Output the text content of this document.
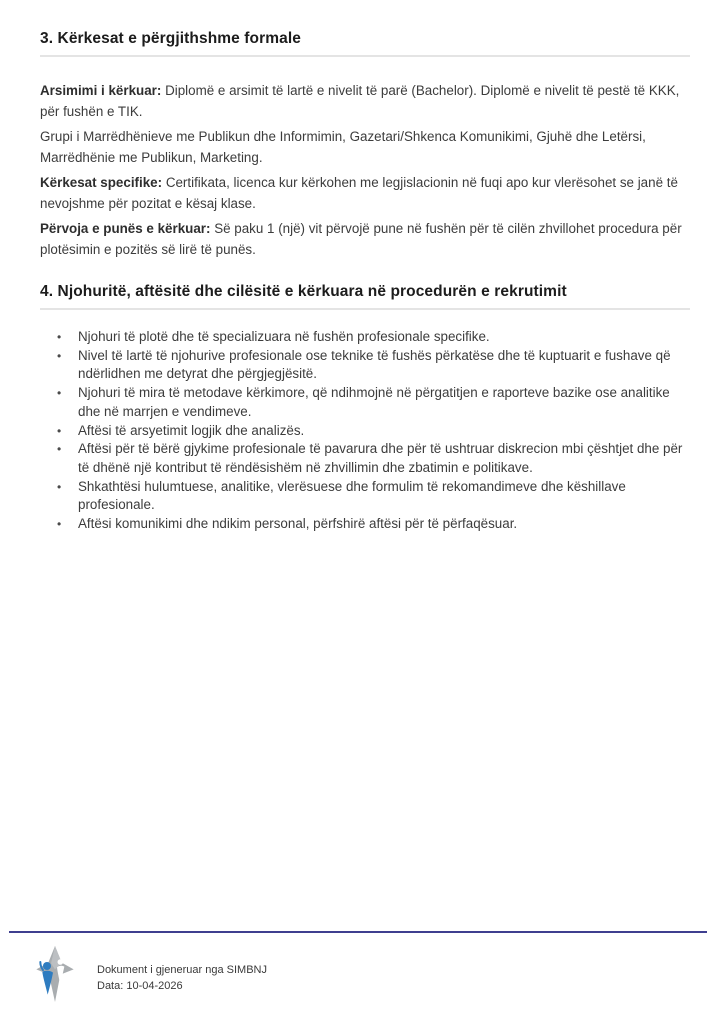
3. Kërkesat e përgjithshme formale

Arsimimi i kërkuar: Diplomë e arsimit të lartë e nivelit të parë (Bachelor). Diplomë e nivelit të pestë të KKK, për fushën e TIK.

Grupi i Marrëdhënieve me Publikun dhe Informimin, Gazetari/Shkenca Komunikimi, Gjuhë dhe Letërsi, Marrëdhënie me Publikun, Marketing.

Kërkesat specifike: Certifikata, licenca kur kërkohen me legjislacionin në fuqi apo kur vlerësohet se janë të nevojshme për pozitat e kësaj klase.

Përvoja e punës e kërkuar: Së paku 1 (një) vit përvojë pune në fushën për të cilën zhvillohet procedura për plotësimin e pozitës së lirë të punës.

4. Njohuritë, aftësitë dhe cilësitë e kërkuara në procedurën e rekrutimit
• Njohuri të plotë dhe të specializuara në fushën profesionale specifike.
• Nivel të lartë të njohurive profesionale ose teknike të fushës përkatëse dhe të kuptuarit e fushave që ndërlidhen me detyrat dhe përgjegjësitë.
• Njohuri të mira të metodave kërkimore, që ndihmojnë në përgatitjen e raporteve bazike ose analitike dhe në marrjen e vendimeve.
• Aftësi të arsyetimit logjik dhe analizës.
• Aftësi për të bërë gjykime profesionale të pavarura dhe për të ushtruar diskrecion mbi çështjet dhe për të dhënë një kontribut të rëndësishëm në zhvillimin dhe zbatimin e politikave.
• Shkathtësi hulumtuese, analitike, vlerësuese dhe formulim të rekomandimeve dhe këshillave profesionale.
• Aftësi komunikimi dhe ndikim personal, përfshirë aftësi për të përfaqësuar.
Dokument i gjeneruar nga SIMBNJ
Data: 10-04-2026
